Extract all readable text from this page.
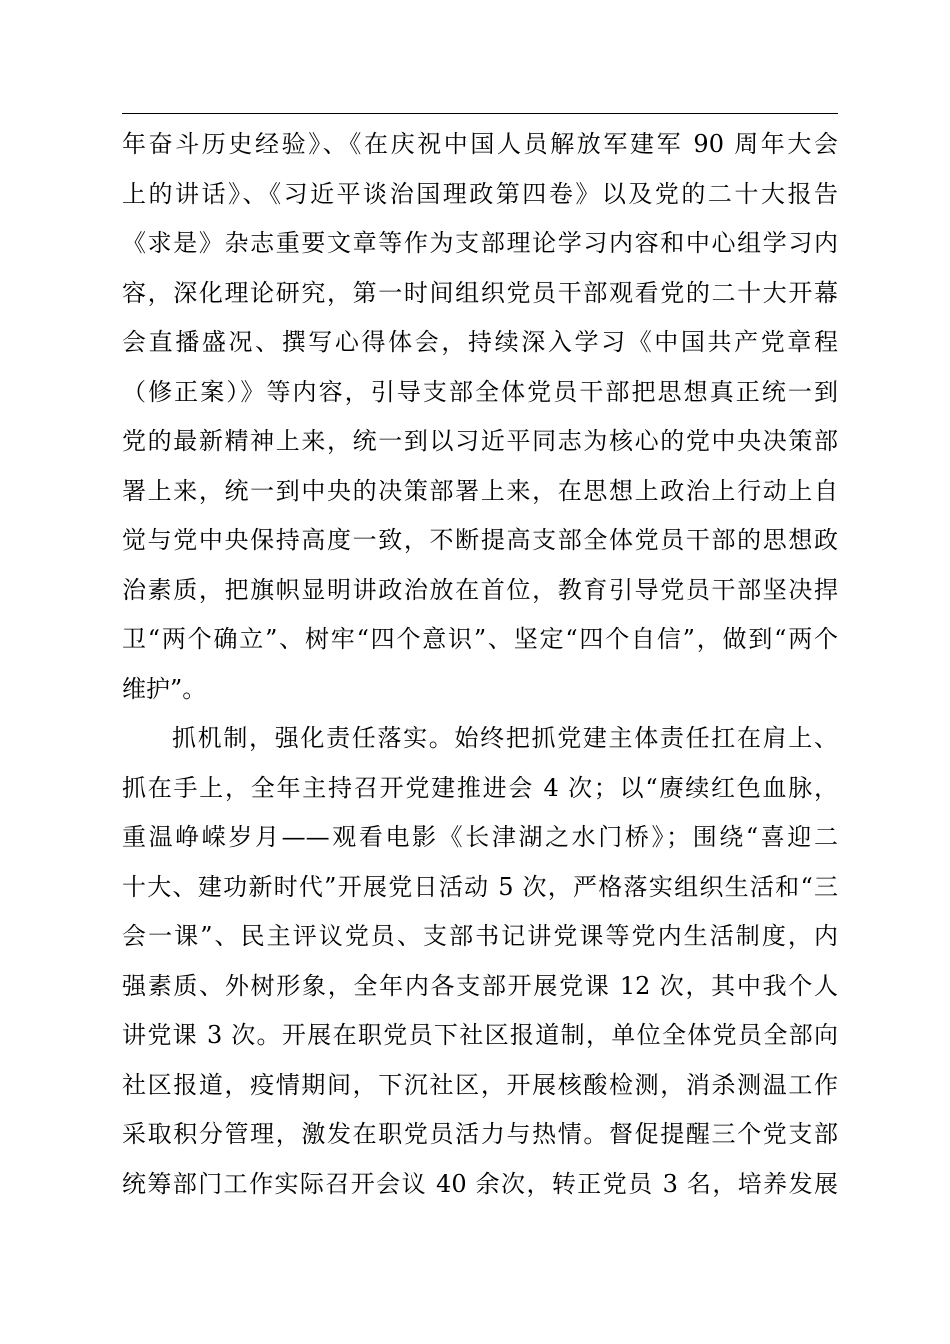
年奋斗历史经验》、《在庆祝中国人员解放军建军 90 周年大会
上的讲话》、《习近平谈治国理政第四卷》以及党的二十大报告
《求是》杂志重要文章等作为支部理论学习内容和中心组学习内
容，深化理论研究，第一时间组织党员干部观看党的二十大开幕
会直播盛况、撰写心得体会，持续深入学习《中国共产党章程
（修正案）》等内容，引导支部全体党员干部把思想真正统一到
党的最新精神上来，统一到以习近平同志为核心的党中央决策部
署上来，统一到中央的决策部署上来，在思想上政治上行动上自
觉与党中央保持高度一致，不断提高支部全体党员干部的思想政
治素质，把旗帜显明讲政治放在首位，教育引导党员干部坚决捍
卫“两个确立”、树牢“四个意识”、坚定“四个自信”，做到“两个
维护”。
抓机制，强化责任落实。始终把抓党建主体责任扛在肩上、
抓在手上，全年主持召开党建推进会 4 次；以“赓续红色血脉，
重温峥嵘岁月——观看电影《长津湖之水门桥》；围绕“喜迎二
十大、建功新时代”开展党日活动 5 次，严格落实组织生活和“三
会一课”、民主评议党员、支部书记讲党课等党内生活制度，内
强素质、外树形象，全年内各支部开展党课 12 次，其中我个人
讲党课 3 次。开展在职党员下社区报道制，单位全体党员全部向
社区报道，疫情期间，下沉社区，开展核酸检测，消杀测温工作
采取积分管理，激发在职党员活力与热情。督促提醒三个党支部
统筹部门工作实际召开会议 40 余次，转正党员 3 名，培养发展
